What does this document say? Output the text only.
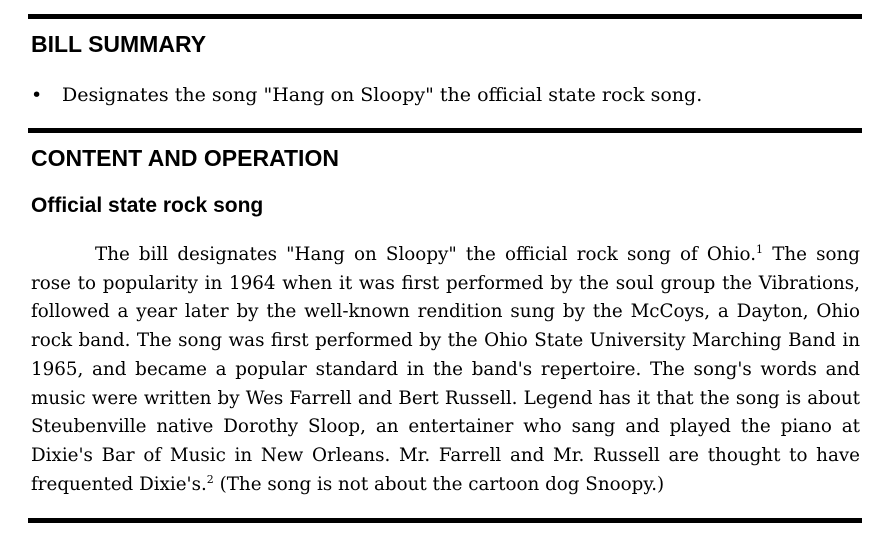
BILL SUMMARY
• Designates the song "Hang on Sloopy" the official state rock song.
CONTENT AND OPERATION
Official state rock song

The bill designates "Hang on Sloopy" the official rock song of Ohio.$^1$ The song rose to popularity in 1964 when it was first performed by the soul group the Vibrations, followed a year later by the well-known rendition sung by the McCoys, a Dayton, Ohio rock band. The song was first performed by the Ohio State University Marching Band in 1965, and became a popular standard in the band's repertoire. The song's words and music were written by Wes Farrell and Bert Russell. Legend has it that the song is about Steubenville native Dorothy Sloop, an entertainer who sang and played the piano at Dixie's Bar of Music in New Orleans. Mr. Farrell and Mr. Russell are thought to have frequented Dixie's.$^2$ (The song is not about the cartoon dog Snoopy.)
